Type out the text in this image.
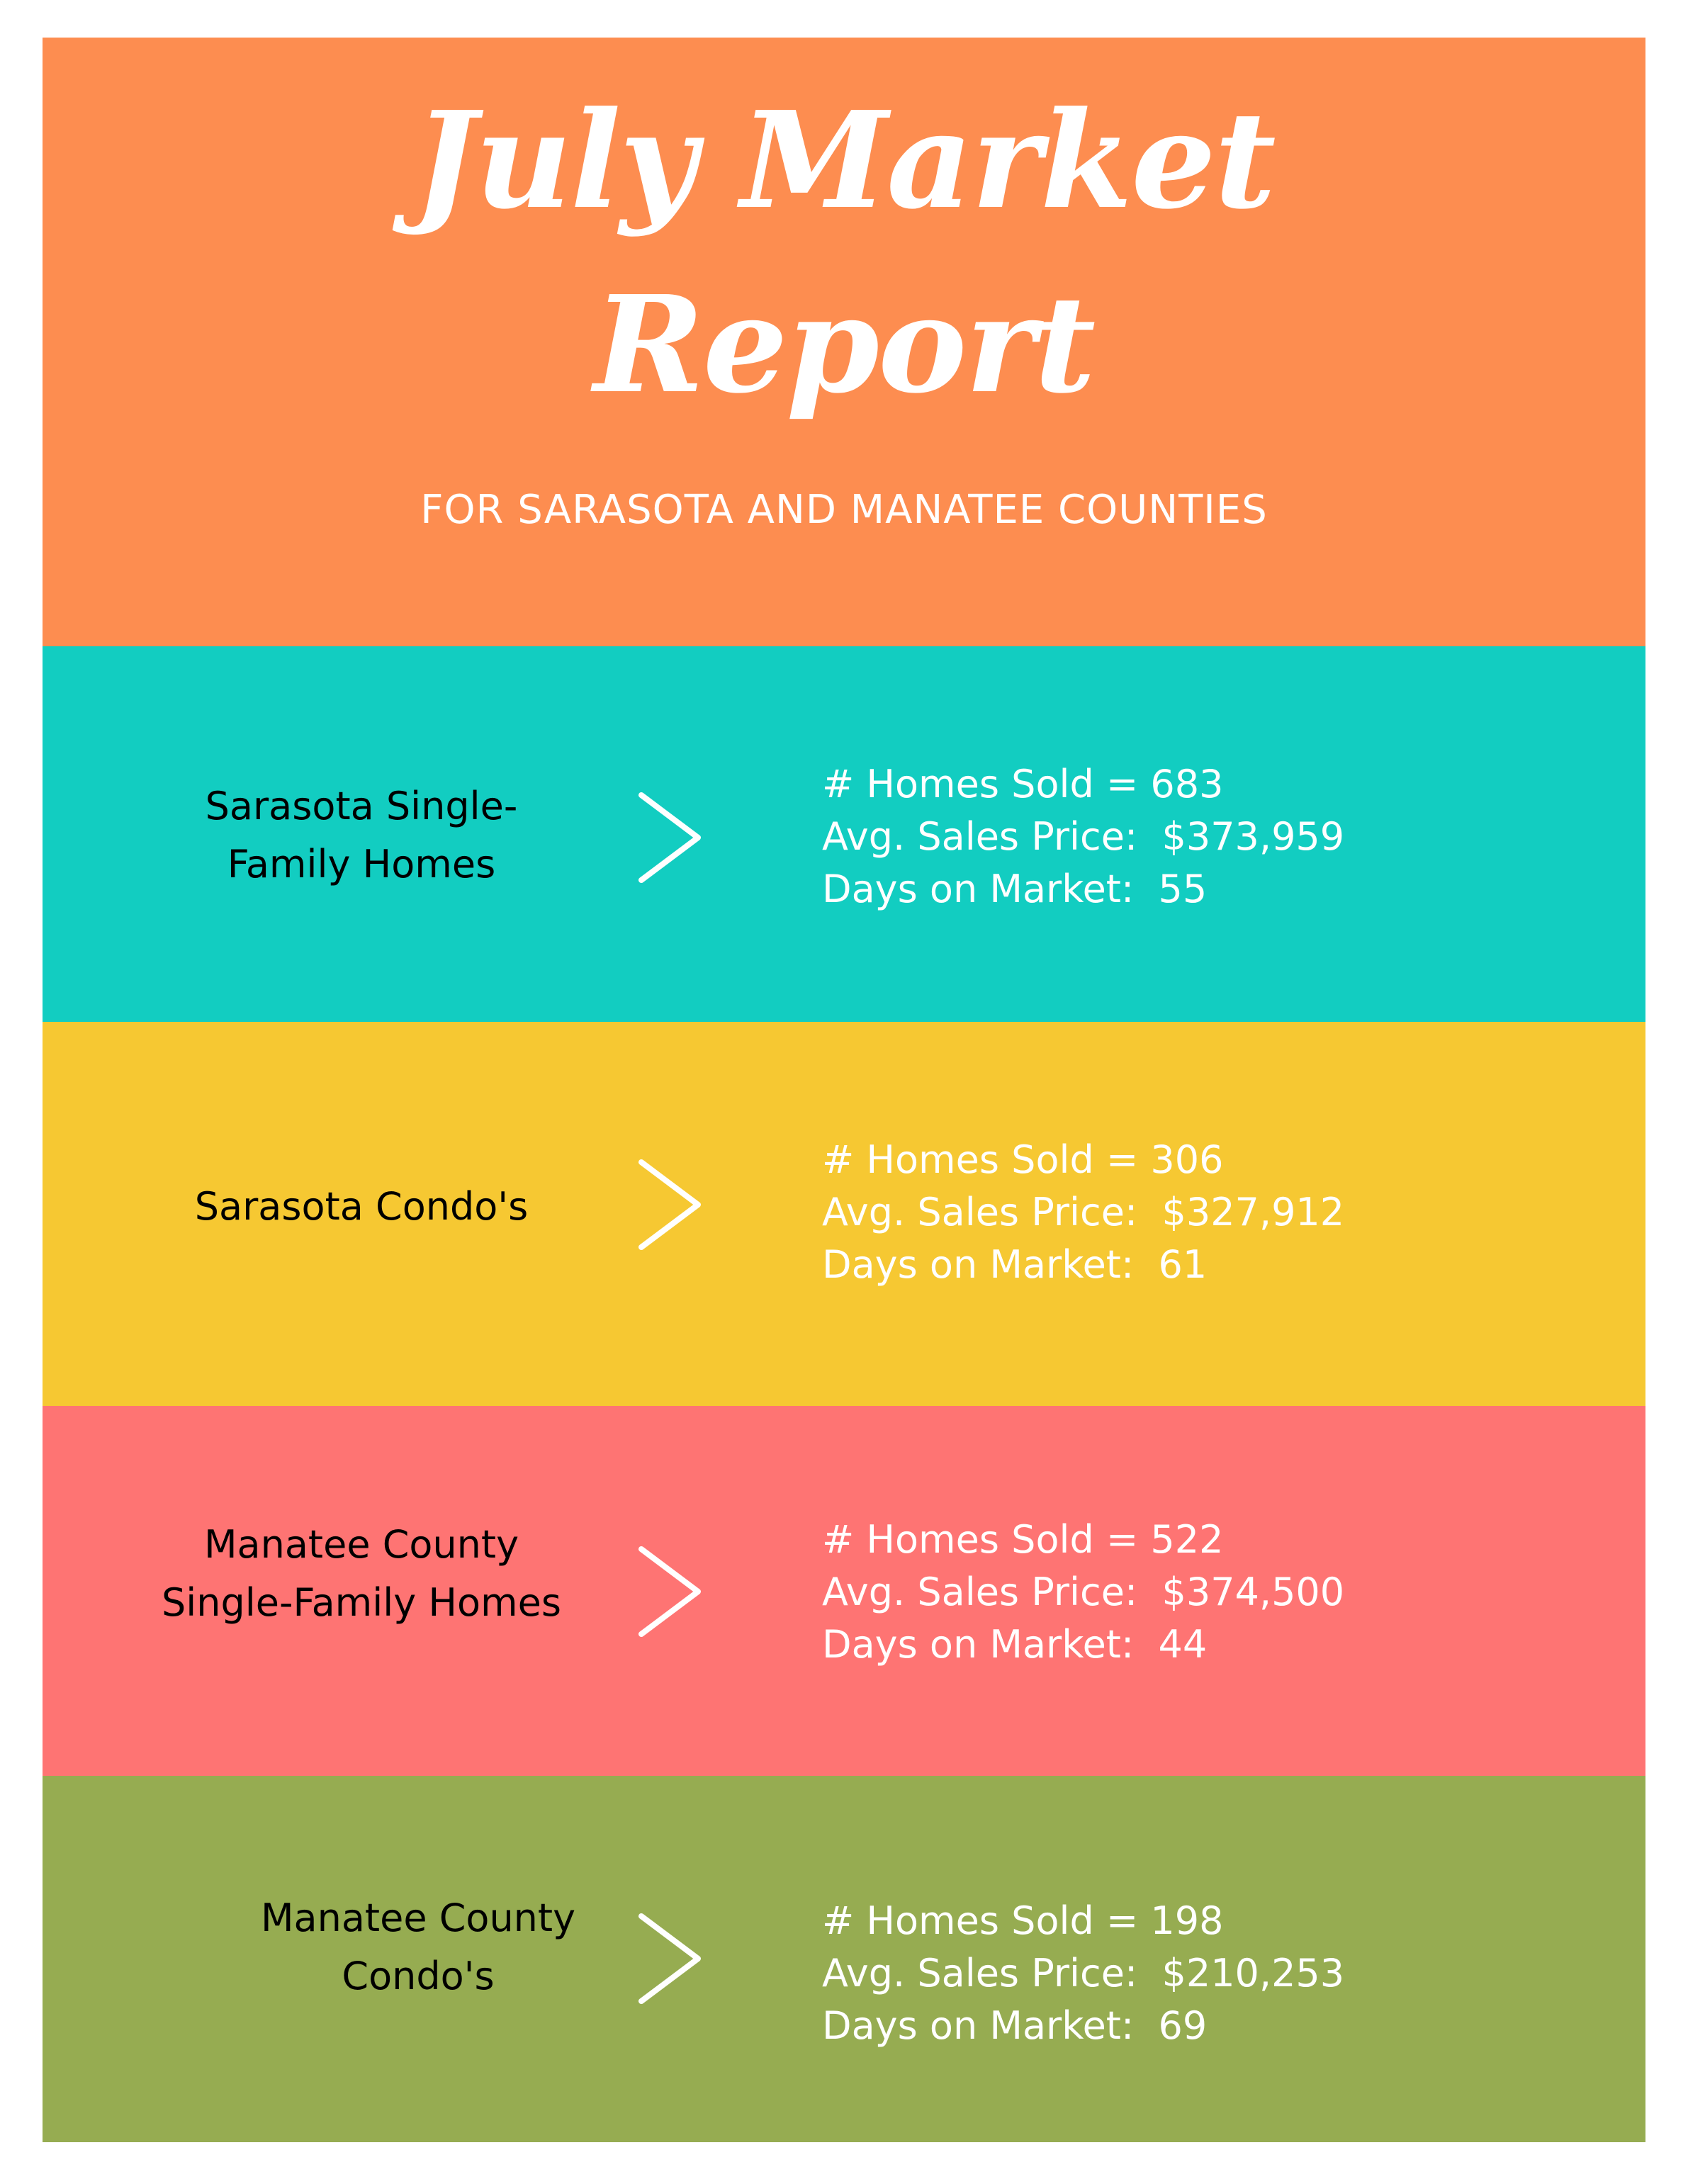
July Market
Report
FOR SARASOTA AND MANATEE COUNTIES
Sarasota Single-
Family Homes
# Homes Sold = 683
Avg. Sales Price:  $373,959
Days on Market:  55
Sarasota Condo's
# Homes Sold = 306
Avg. Sales Price:  $327,912
Days on Market:  61
Manatee County
Single-Family Homes
# Homes Sold = 522
Avg. Sales Price:  $374,500
Days on Market:  44
Manatee County
Condo's
# Homes Sold = 198
Avg. Sales Price:  $210,253
Days on Market:  69
